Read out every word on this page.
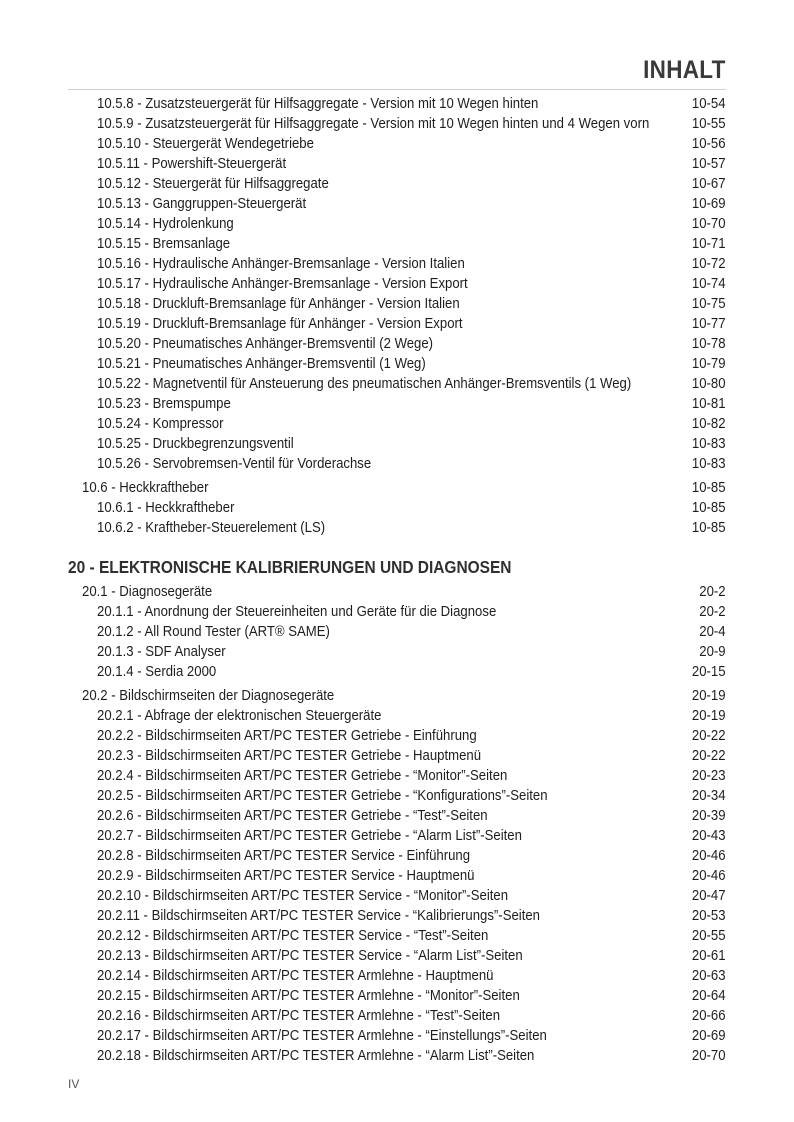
INHALT
10.5.8 - Zusatzsteuergerät für Hilfsaggregate - Version mit 10 Wegen hinten	10-54
10.5.9 - Zusatzsteuergerät für Hilfsaggregate - Version mit 10 Wegen hinten und 4 Wegen vorn	10-55
10.5.10 - Steuergerät Wendegetriebe	10-56
10.5.11 - Powershift-Steuergerät	10-57
10.5.12 - Steuergerät für Hilfsaggregate	10-67
10.5.13 - Ganggruppen-Steuergerät	10-69
10.5.14 - Hydrolenkung	10-70
10.5.15 - Bremsanlage	10-71
10.5.16 - Hydraulische Anhänger-Bremsanlage - Version Italien	10-72
10.5.17 - Hydraulische Anhänger-Bremsanlage - Version Export	10-74
10.5.18 - Druckluft-Bremsanlage für Anhänger - Version Italien	10-75
10.5.19 - Druckluft-Bremsanlage für Anhänger - Version Export	10-77
10.5.20 - Pneumatisches Anhänger-Bremsventil (2 Wege)	10-78
10.5.21 - Pneumatisches Anhänger-Bremsventil (1 Weg)	10-79
10.5.22 - Magnetventil für Ansteuerung des pneumatischen Anhänger-Bremsventils (1 Weg)	10-80
10.5.23 - Bremspumpe	10-81
10.5.24 - Kompressor	10-82
10.5.25 - Druckbegrenzungsventil	10-83
10.5.26 - Servobremsen-Ventil für Vorderachse	10-83
10.6 - Heckkraftheber	10-85
10.6.1 - Heckkraftheber	10-85
10.6.2 - Kraftheber-Steuerelement (LS)	10-85
20 - ELEKTRONISCHE KALIBRIERUNGEN UND DIAGNOSEN
20.1 - Diagnosegeräte	20-2
20.1.1 - Anordnung der Steuereinheiten und Geräte für die Diagnose	20-2
20.1.2 - All Round Tester (ART® SAME)	20-4
20.1.3 - SDF Analyser	20-9
20.1.4 - Serdia 2000	20-15
20.2 - Bildschirmseiten der Diagnosegeräte	20-19
20.2.1 - Abfrage der elektronischen Steuergeräte	20-19
20.2.2 - Bildschirmseiten ART/PC TESTER Getriebe - Einführung	20-22
20.2.3 - Bildschirmseiten ART/PC TESTER Getriebe - Hauptmenü	20-22
20.2.4 - Bildschirmseiten ART/PC TESTER Getriebe - “Monitor”-Seiten	20-23
20.2.5 - Bildschirmseiten ART/PC TESTER Getriebe - “Konfigurations”-Seiten	20-34
20.2.6 - Bildschirmseiten ART/PC TESTER Getriebe - “Test”-Seiten	20-39
20.2.7 - Bildschirmseiten ART/PC TESTER Getriebe - “Alarm List”-Seiten	20-43
20.2.8 - Bildschirmseiten ART/PC TESTER Service - Einführung	20-46
20.2.9 - Bildschirmseiten ART/PC TESTER Service - Hauptmenü	20-46
20.2.10 - Bildschirmseiten ART/PC TESTER Service - “Monitor”-Seiten	20-47
20.2.11 - Bildschirmseiten ART/PC TESTER Service - “Kalibrierungs”-Seiten	20-53
20.2.12 - Bildschirmseiten ART/PC TESTER Service - “Test”-Seiten	20-55
20.2.13 - Bildschirmseiten ART/PC TESTER Service - “Alarm List”-Seiten	20-61
20.2.14 - Bildschirmseiten ART/PC TESTER Armlehne - Hauptmenü	20-63
20.2.15 - Bildschirmseiten ART/PC TESTER Armlehne - “Monitor”-Seiten	20-64
20.2.16 - Bildschirmseiten ART/PC TESTER Armlehne - “Test”-Seiten	20-66
20.2.17 - Bildschirmseiten ART/PC TESTER Armlehne - “Einstellungs”-Seiten	20-69
20.2.18 - Bildschirmseiten ART/PC TESTER Armlehne - “Alarm List”-Seiten	20-70
IV
